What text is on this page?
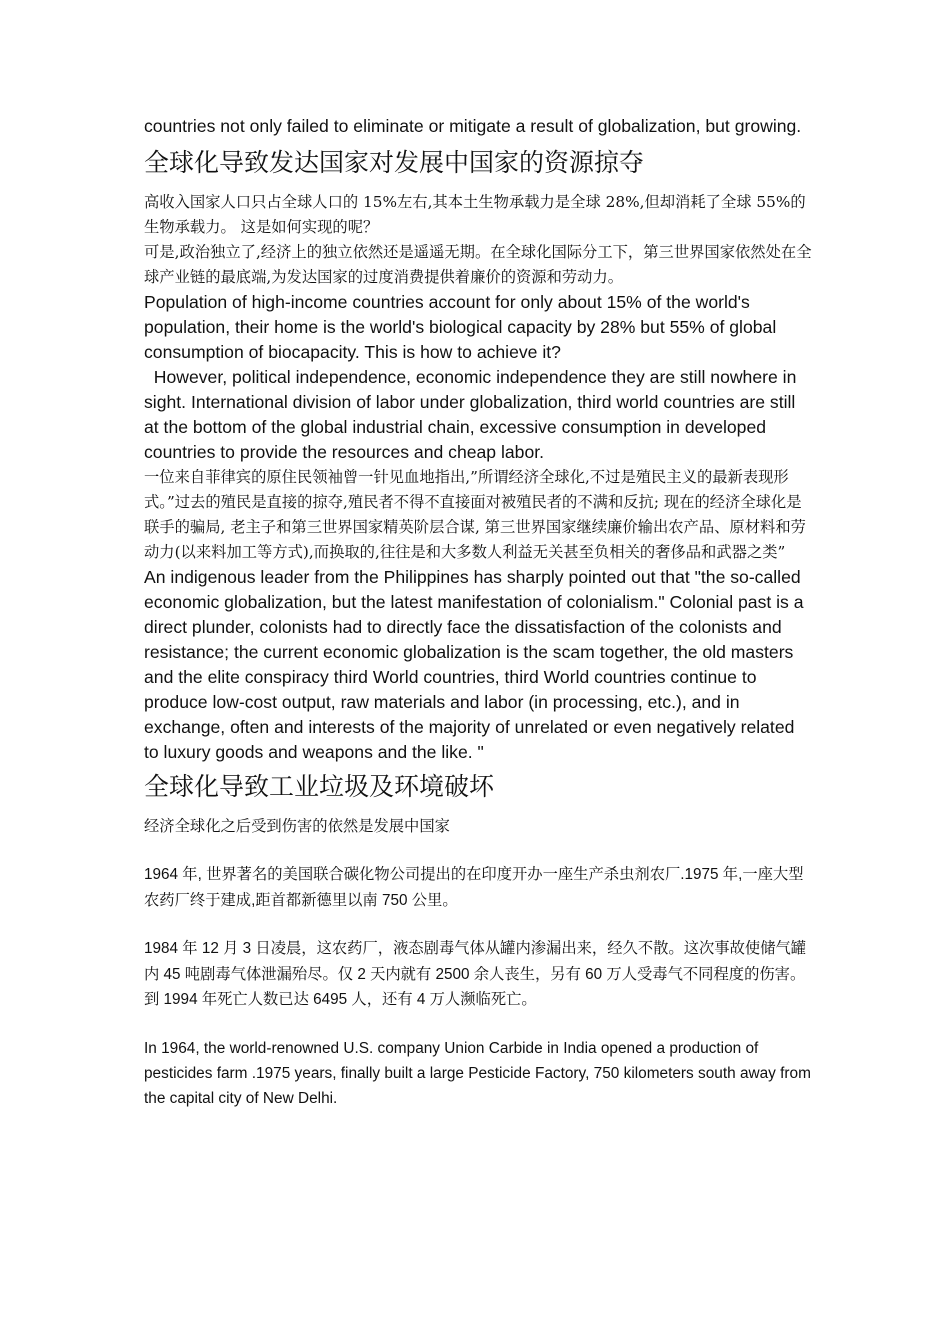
countries not only failed to eliminate or mitigate a result of globalization, but growing.

全球化导致发达国家对发展中国家的资源掠夺

高收入国家人口只占全球人口的 15%左右,其本土生物承载力是全球 28%,但却消耗了全球 55%的生物承载力。 这是如何实现的呢？

可是,政治独立了,经济上的独立依然还是遥遥无期。在全球化国际分工下，第三世界国家依然处在全球产业链的最底端,为发达国家的过度消费提供着廉价的资源和劳动力。

Population of high-income countries account for only about 15% of the world's population, their home is the world's biological capacity by 28% but 55% of global consumption of biocapacity. This is how to achieve it?

However, political independence, economic independence they are still nowhere in sight. International division of labor under globalization, third world countries are still at the bottom of the global industrial chain, excessive consumption in developed countries to provide the resources and cheap labor.

一位来自菲律宾的原住民领袖曾一针见血地指出,”所谓经济全球化,不过是殖民主义的最新表现形式。”过去的殖民是直接的掠夺,殖民者不得不直接面对被殖民者的不满和反抗; 现在的经济全球化是联手的骗局, 老主子和第三世界国家精英阶层合谋, 第三世界国家继续廉价输出农产品、原材料和劳动力(以来料加工等方式),而换取的,往往是和大多数人利益无关甚至负相关的奢侈品和武器之类”

An indigenous leader from the Philippines has sharply pointed out that "the so-called economic globalization, but the latest manifestation of colonialism." Colonial past is a direct plunder, colonists had to directly face the dissatisfaction of the colonists and resistance; the current economic globalization is the scam together, the old masters and the elite conspiracy third World countries, third World countries continue to produce low-cost output, raw materials and labor (in processing, etc.), and in exchange, often and interests of the majority of unrelated or even negatively related to luxury goods and weapons and the like. "

全球化导致工业垃圾及环境破坏

经济全球化之后受到伤害的依然是发展中国家

1964 年, 世界著名的美国联合碳化物公司提出的在印度开办一座生产杀虫剂农厂.1975 年,一座大型农药厂终于建成,距首都新德里以南 750 公里。

1984 年 12 月 3 日凌晨，这农药厂，液态剧毒气体从罐内渗漏出来，经久不散。这次事故使储气罐内 45 吨剧毒气体泄漏殆尽。仅 2 天内就有 2500 余人丧生，另有 60 万人受毒气不同程度的伤害。到 1994 年死亡人数已达 6495 人，还有 4 万人濒临死亡。

In 1964, the world-renowned U.S. company Union Carbide in India opened a production of pesticides farm .1975 years, finally built a large Pesticide Factory, 750 kilometers south away from the capital city of New Delhi.
